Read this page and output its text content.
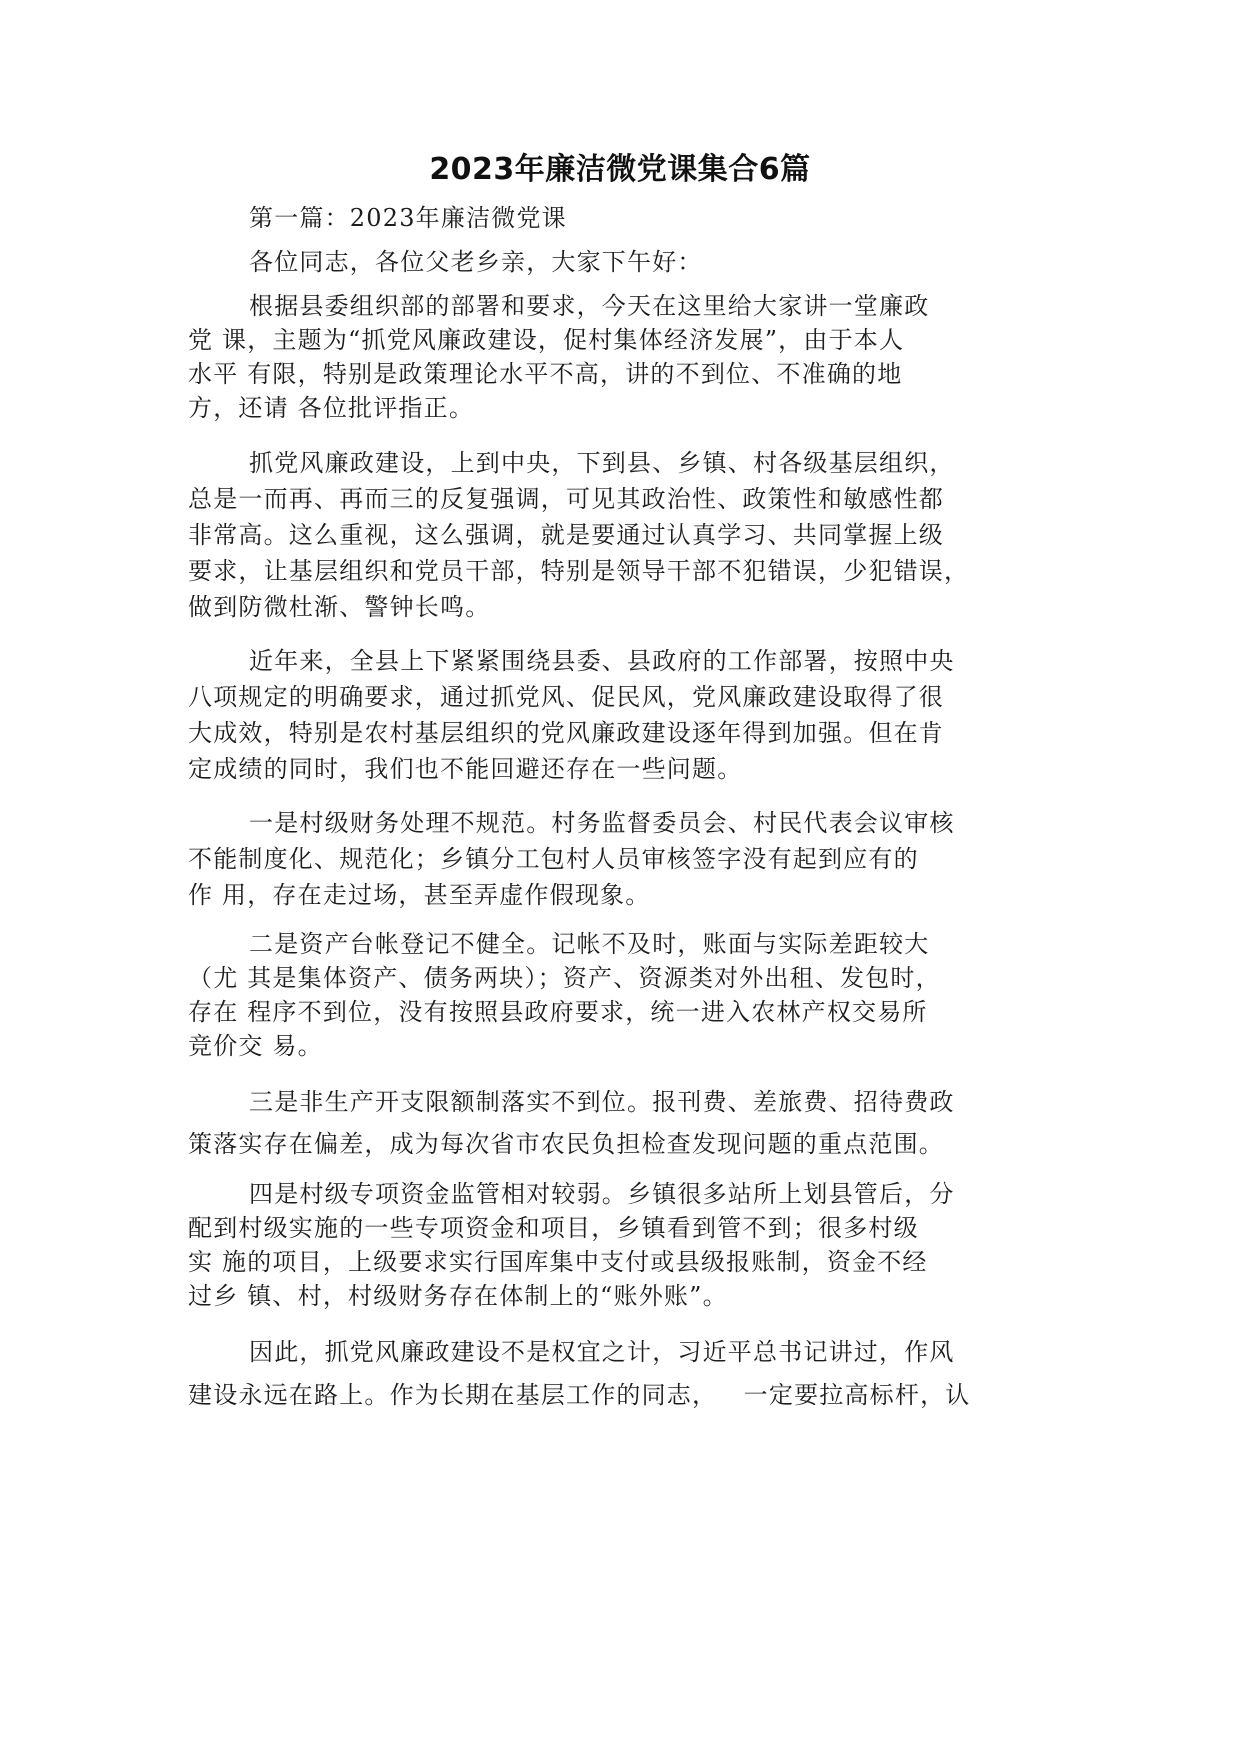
2023年廉洁微党课集合6篇
第一篇：2023年廉洁微党课
各位同志，各位父老乡亲，大家下午好：
根据县委组织部的部署和要求，今天在这里给大家讲一堂廉政
党 课，主题为“抓党风廉政建设，促村集体经济发展”，由于本人
水平 有限，特别是政策理论水平不高，讲的不到位、不准确的地
方，还请 各位批评指正。
抓党风廉政建设，上到中央，下到县、乡镇、村各级基层组织，
总是一而再、再而三的反复强调，可见其政治性、政策性和敏感性都
非常高。这么重视，这么强调，就是要通过认真学习、共同掌握上级
要求，让基层组织和党员干部，特别是领导干部不犯错误，少犯错误，
做到防微杜渐、警钟长鸣。
近年来，全县上下紧紧围绕县委、县政府的工作部署，按照中央
八项规定的明确要求，通过抓党风、促民风，党风廉政建设取得了很
大成效，特别是农村基层组织的党风廉政建设逐年得到加强。但在肯
定成绩的同时，我们也不能回避还存在一些问题。
一是村级财务处理不规范。村务监督委员会、村民代表会议审核
不能制度化、规范化；乡镇分工包村人员审核签字没有起到应有的
作 用，存在走过场，甚至弄虚作假现象。
二是资产台帐登记不健全。记帐不及时，账面与实际差距较大
（尤 其是集体资产、债务两块）；资产、资源类对外出租、发包时，
存在 程序不到位，没有按照县政府要求，统一进入农林产权交易所
竞价交 易。
三是非生产开支限额制落实不到位。报刊费、差旅费、招待费政
策落实存在偏差，成为每次省市农民负担检查发现问题的重点范围。
四是村级专项资金监管相对较弱。乡镇很多站所上划县管后，分
配到村级实施的一些专项资金和项目，乡镇看到管不到；很多村级
实 施的项目，上级要求实行国库集中支付或县级报账制，资金不经
过乡 镇、村，村级财务存在体制上的“账外账”。
因此，抓党风廉政建设不是权宜之计，习近平总书记讲过，作风
建设永远在路上。作为长期在基层工作的同志，   一定要拉高标杆，认
